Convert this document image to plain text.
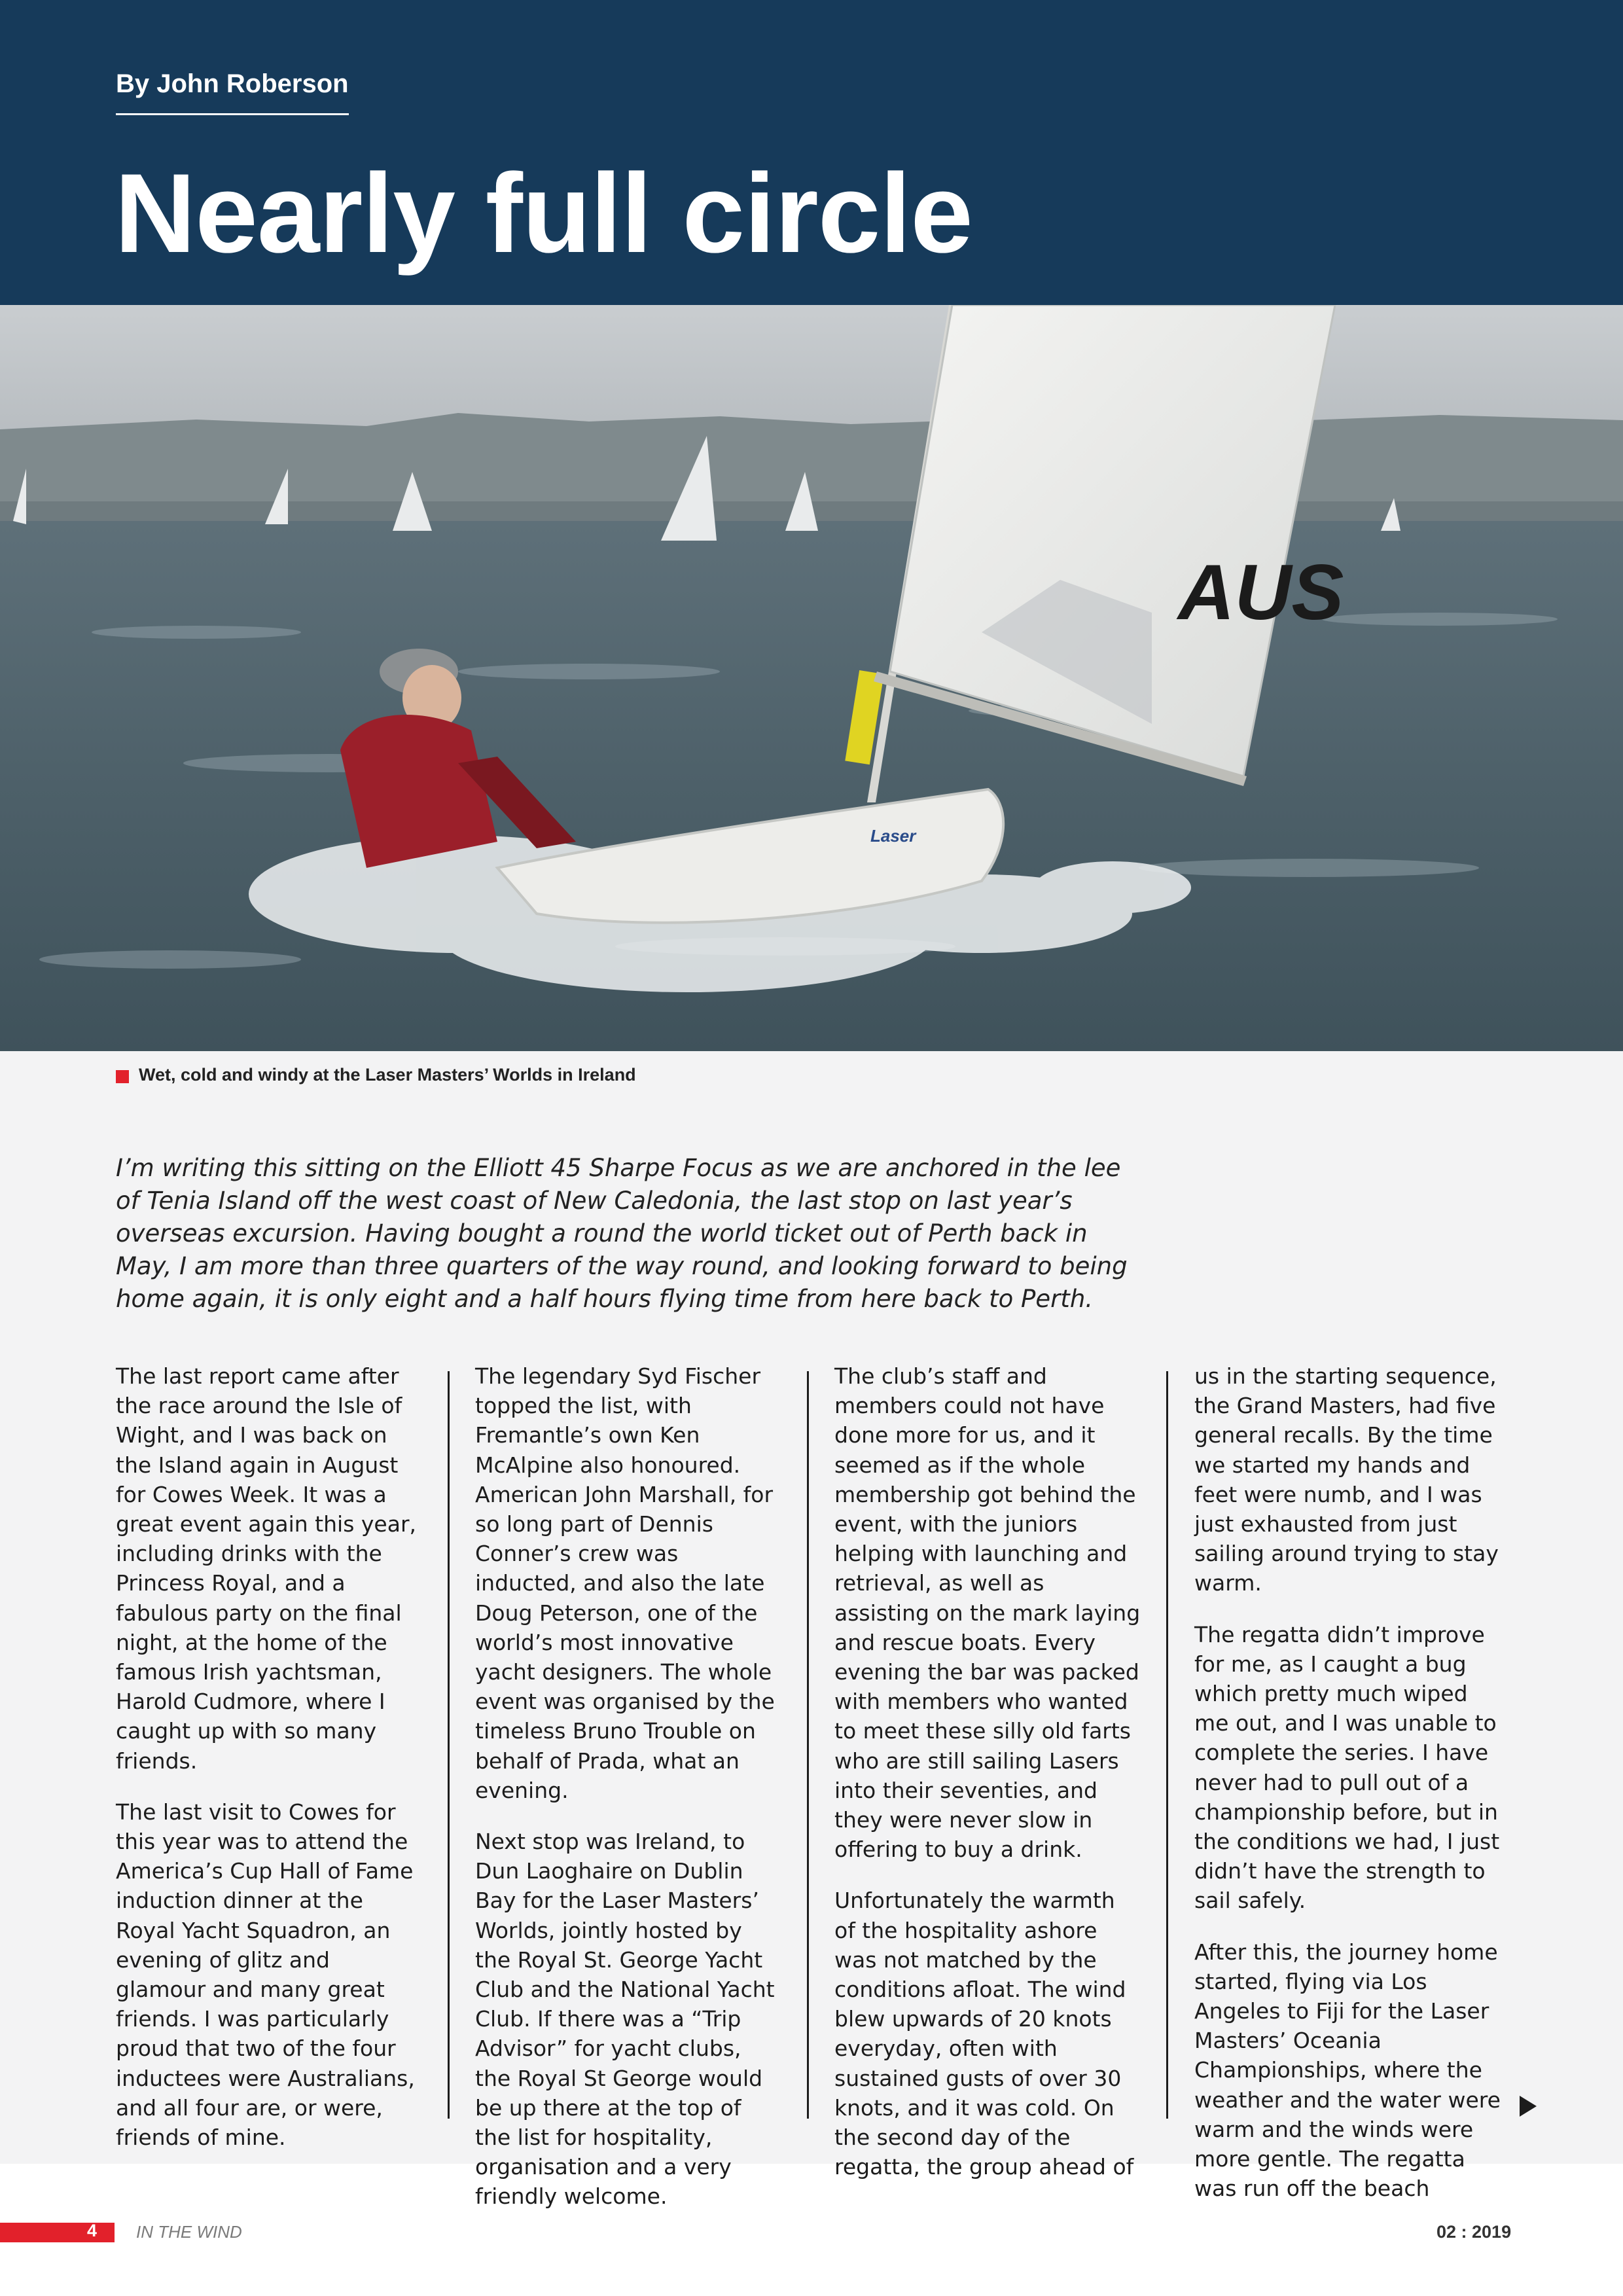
By John Roberson
Nearly full circle
Laser
AUS
Wet, cold and windy at the Laser Masters’ Worlds in Ireland
I’m writing this sitting on the Elliott 45 Sharpe Focus as we are anchored in the lee of Tenia Island off the west coast of New Caledonia, the last stop on last year’s overseas excursion. Having bought a round the world ticket out of Perth back in May, I am more than three quarters of the way round, and looking forward to being home again, it is only eight and a half hours flying time from here back to Perth.

The last report came after the race around the Isle of Wight, and I was back on the Island again in August for Cowes Week. It was a great event again this year, including drinks with the Princess Royal, and a fabulous party on the final night, at the home of the famous Irish yachtsman, Harold Cudmore, where I caught up with so many friends.

The last visit to Cowes for this year was to attend the America’s Cup Hall of Fame induction dinner at the Royal Yacht Squadron, an evening of glitz and glamour and many great friends. I was particularly proud that two of the four inductees were Australians, and all four are, or were, friends of mine.

The legendary Syd Fischer topped the list, with Fremantle’s own Ken McAlpine also honoured. American John Marshall, for so long part of Dennis Conner’s crew was inducted, and also the late Doug Peterson, one of the world’s most innovative yacht designers. The whole event was organised by the timeless Bruno Trouble on behalf of Prada, what an evening.

Next stop was Ireland, to Dun Laoghaire on Dublin Bay for the Laser Masters’ Worlds, jointly hosted by the Royal St. George Yacht Club and the National Yacht Club. If there was a “Trip Advisor” for yacht clubs, the Royal St George would be up there at the top of the list for hospitality, organisation and a very friendly welcome.

The club’s staff and members could not have done more for us, and it seemed as if the whole membership got behind the event, with the juniors helping with launching and retrieval, as well as assisting on the mark laying and rescue boats. Every evening the bar was packed with members who wanted to meet these silly old farts who are still sailing Lasers into their seventies, and they were never slow in offering to buy a drink.

Unfortunately the warmth of the hospitality ashore was not matched by the conditions afloat. The wind blew upwards of 20 knots everyday, often with sustained gusts of over 30 knots, and it was cold. On the second day of the regatta, the group ahead of

us in the starting sequence, the Grand Masters, had five general recalls. By the time we started my hands and feet were numb, and I was just exhausted from just sailing around trying to stay warm.

The regatta didn’t improve for me, as I caught a bug which pretty much wiped me out, and I was unable to complete the series. I have never had to pull out of a championship before, but in the conditions we had, I just didn’t have the strength to sail safely.

After this, the journey home started, flying via Los Angeles to Fiji for the Laser Masters’ Oceania Championships, where the weather and the water were warm and the winds were more gentle. The regatta was run off the beach

4 IN THE WIND	02 : 2019
